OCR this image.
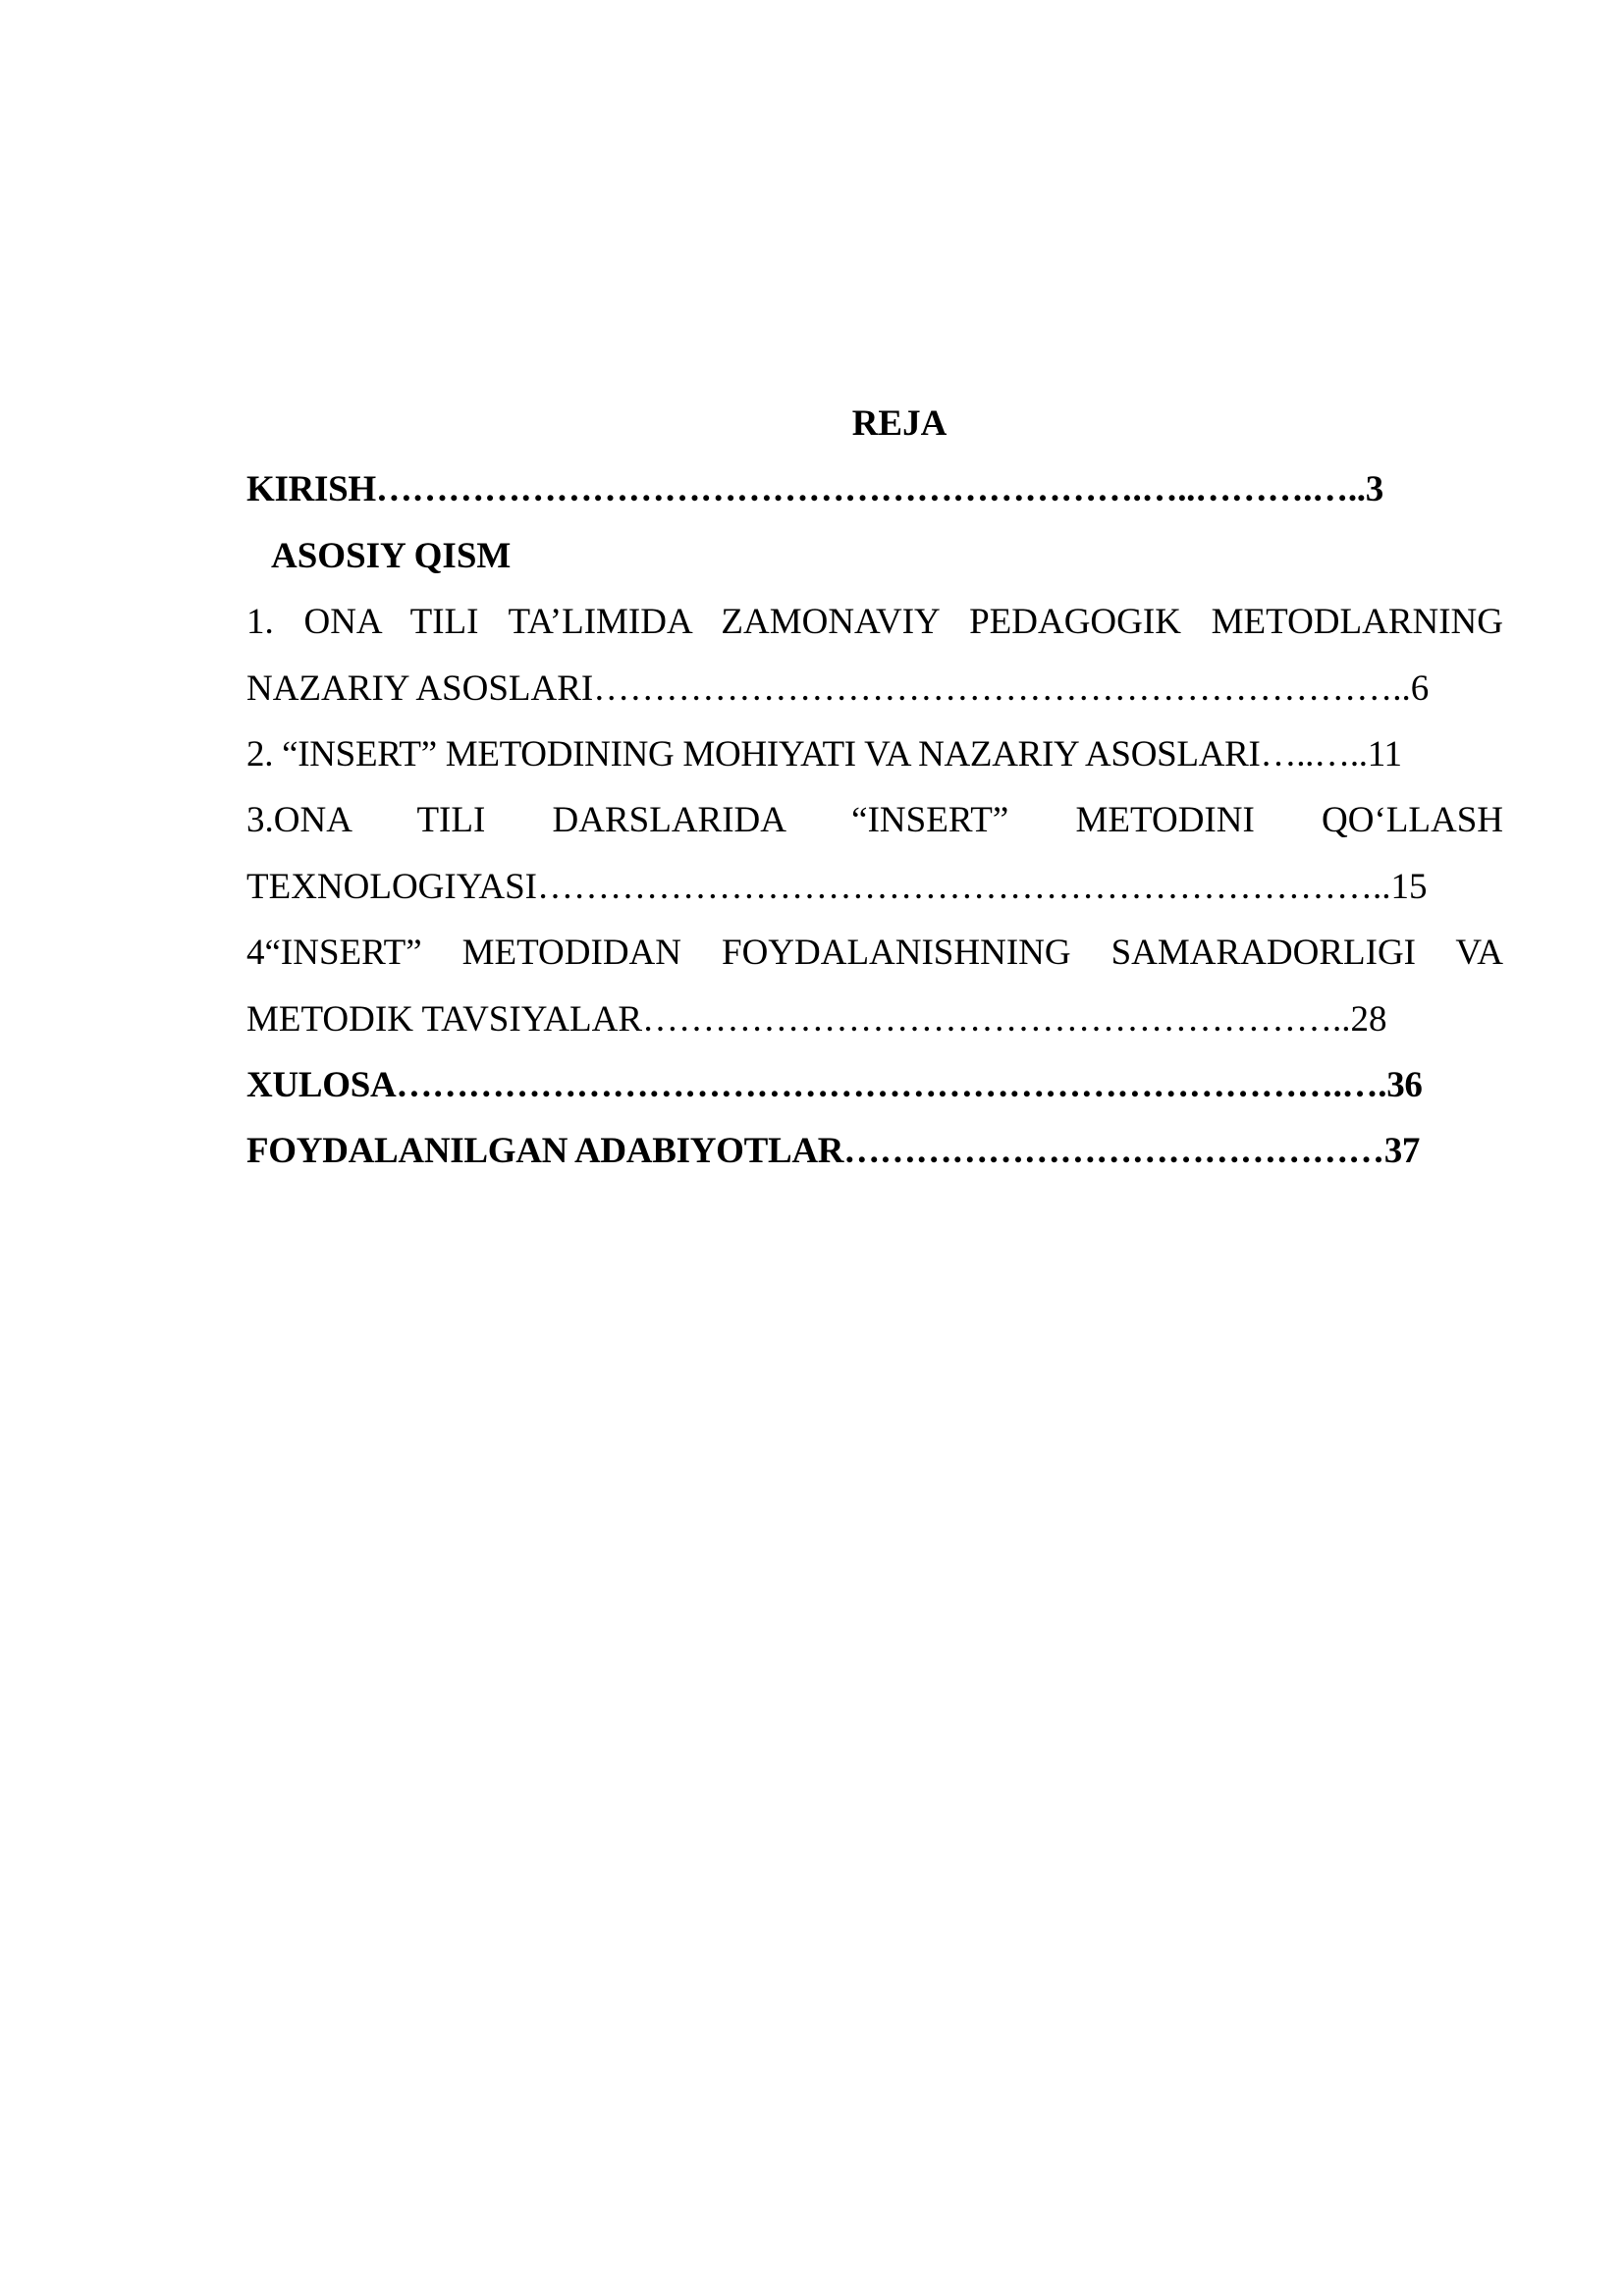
REJA
KIRISH……………………………………………………….…..……….…..3
ASOSIY QISM
1. ONA TILI TA’LIMIDA ZAMONAVIY PEDAGOGIK METODLARNING
NAZARIY ASOSLARI…………………………………………………………..6
2. “INSERT” METODINING MOHIYATI VA NAZARIY ASOSLARI…..…..11
3.ONA TILI DARSLARIDA “INSERT” METODINI QO‘LLASH
TEXNOLOGIYASI……………………………………………………………..15
4“INSERT” METODIDAN FOYDALANISHNING SAMARADORLIGI VA
METODIK TAVSIYALAR…………………………………………………..28
XULOSA…………………………………………………………………….….36
FOYDALANILGAN ADABIYOTLAR………………………………………37
